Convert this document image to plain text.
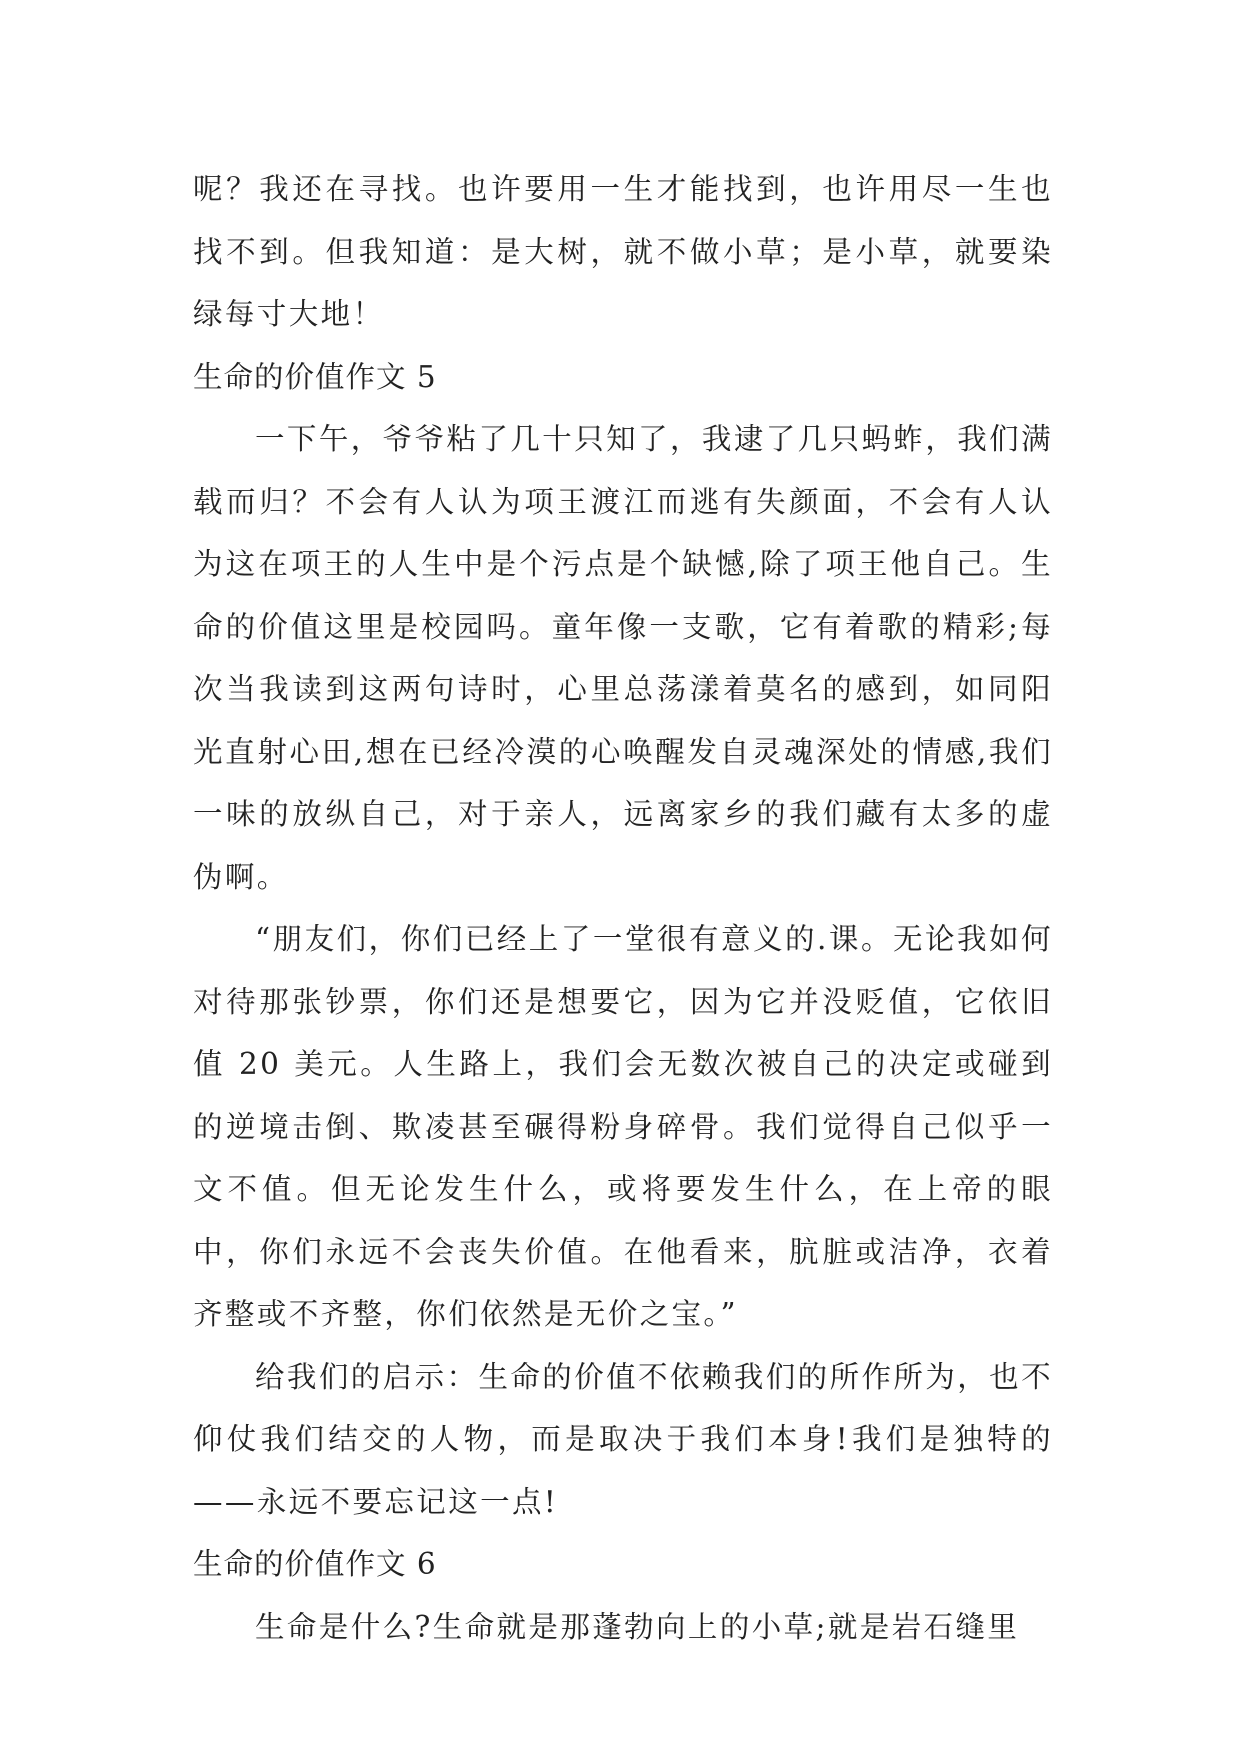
呢？我还在寻找。也许要用一生才能找到，也许用尽一生也找不到。但我知道：是大树，就不做小草；是小草，就要染绿每寸大地！

生命的价值作文 5

一下午，爷爷粘了几十只知了，我逮了几只蚂蚱，我们满载而归？不会有人认为项王渡江而逃有失颜面，不会有人认为这在项王的人生中是个污点是个缺憾,除了项王他自己。生命的价值这里是校园吗。童年像一支歌，它有着歌的精彩;每次当我读到这两句诗时，心里总荡漾着莫名的感到，如同阳光直射心田,想在已经冷漠的心唤醒发自灵魂深处的情感,我们一味的放纵自己，对于亲人，远离家乡的我们藏有太多的虚伪啊。

“朋友们，你们已经上了一堂很有意义的.课。无论我如何对待那张钞票，你们还是想要它，因为它并没贬值，它依旧值 20 美元。人生路上，我们会无数次被自己的决定或碰到的逆境击倒、欺凌甚至碾得粉身碎骨。我们觉得自己似乎一文不值。但无论发生什么，或将要发生什么，在上帝的眼中，你们永远不会丧失价值。在他看来，肮脏或洁净，衣着齐整或不齐整，你们依然是无价之宝。”

给我们的启示：生命的价值不依赖我们的所作所为，也不仰仗我们结交的人物，而是取决于我们本身!我们是独特的——永远不要忘记这一点!

生命的价值作文 6

生命是什么?生命就是那蓬勃向上的小草;就是岩石缝里
